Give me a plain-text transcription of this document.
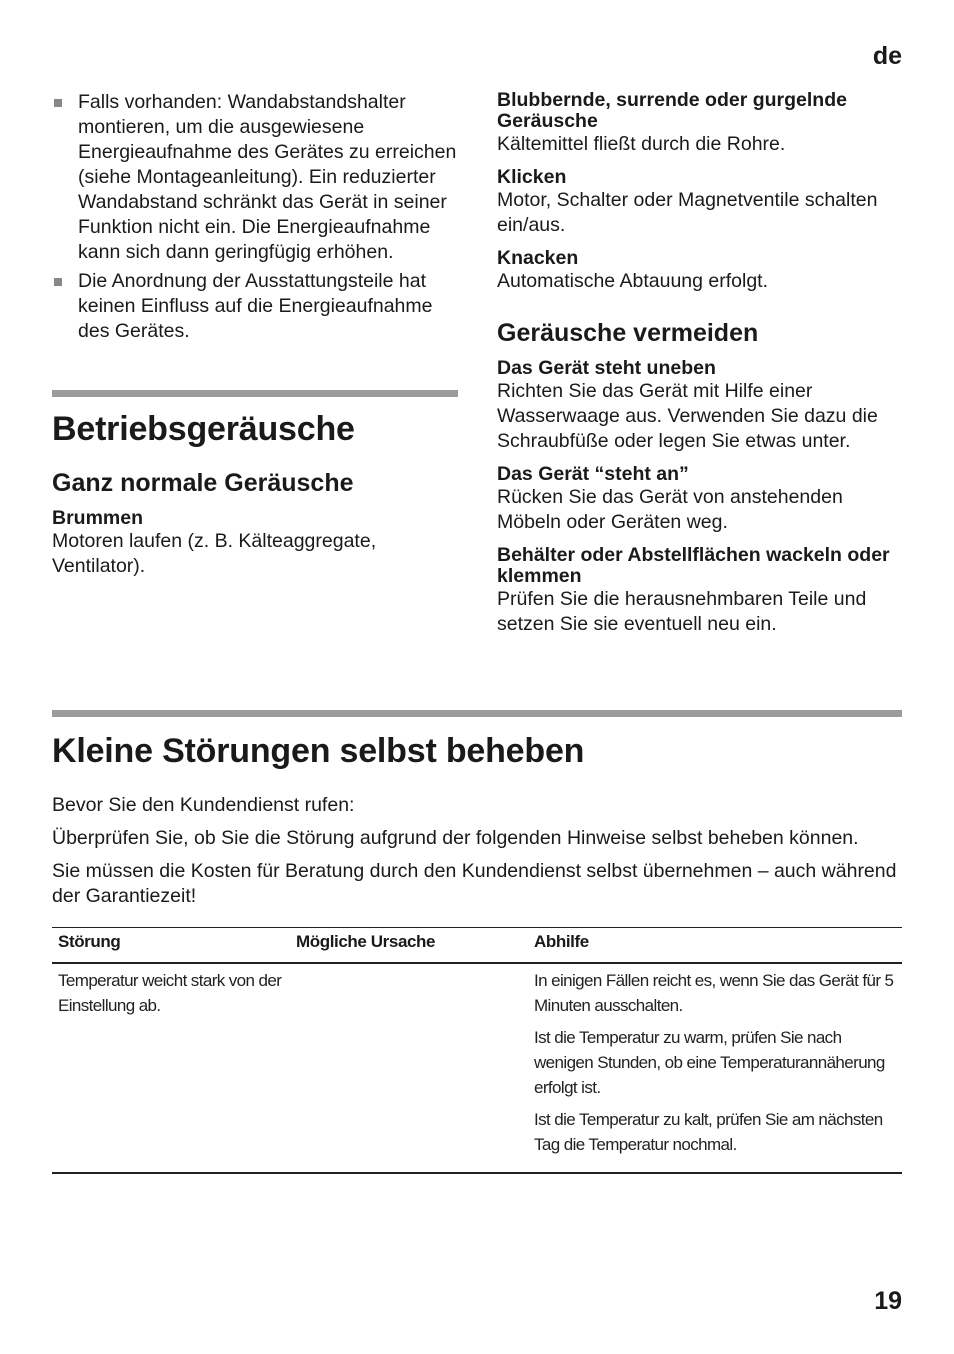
de
Falls vorhanden: Wandabstandshalter montieren, um die ausgewiesene Energieaufnahme des Gerätes zu erreichen (siehe Montageanleitung). Ein reduzierter Wandabstand schränkt das Gerät in seiner Funktion nicht ein. Die Energieaufnahme kann sich dann geringfügig erhöhen.
Die Anordnung der Ausstattungsteile hat keinen Einfluss auf die Energieaufnahme des Gerätes.
Betriebsgeräusche
Ganz normale Geräusche

Brummen

Motoren laufen (z. B. Kälteaggregate, Ventilator).

Blubbernde, surrende oder gurgelnde Geräusche

Kältemittel fließt durch die Rohre.

Klicken

Motor, Schalter oder Magnetventile schalten ein/aus.

Knacken

Automatische Abtauung erfolgt.

Geräusche vermeiden

Das Gerät steht uneben

Richten Sie das Gerät mit Hilfe einer Wasserwaage aus. Verwenden Sie dazu die Schraubfüße oder legen Sie etwas unter.

Das Gerät “steht an”

Rücken Sie das Gerät von anstehenden Möbeln oder Geräten weg.

Behälter oder Abstellflächen wackeln oder klemmen

Prüfen Sie die herausnehmbaren Teile und setzen Sie sie eventuell neu ein.

Kleine Störungen selbst beheben

Bevor Sie den Kundendienst rufen:

Überprüfen Sie, ob Sie die Störung aufgrund der folgenden Hinweise selbst beheben können.

Sie müssen die Kosten für Beratung durch den Kundendienst selbst übernehmen – auch während der Garantiezeit!

Störung	Mögliche Ursache	Abhilfe
Temperatur weicht stark von der Einstellung ab.		In einigen Fällen reicht es, wenn Sie das Gerät für 5 Minuten ausschalten.

Ist die Temperatur zu warm, prüfen Sie nach wenigen Stunden, ob eine Temperaturannäherung erfolgt ist.

Ist die Temperatur zu kalt, prüfen Sie am nächsten Tag die Temperatur nochmal.

19
